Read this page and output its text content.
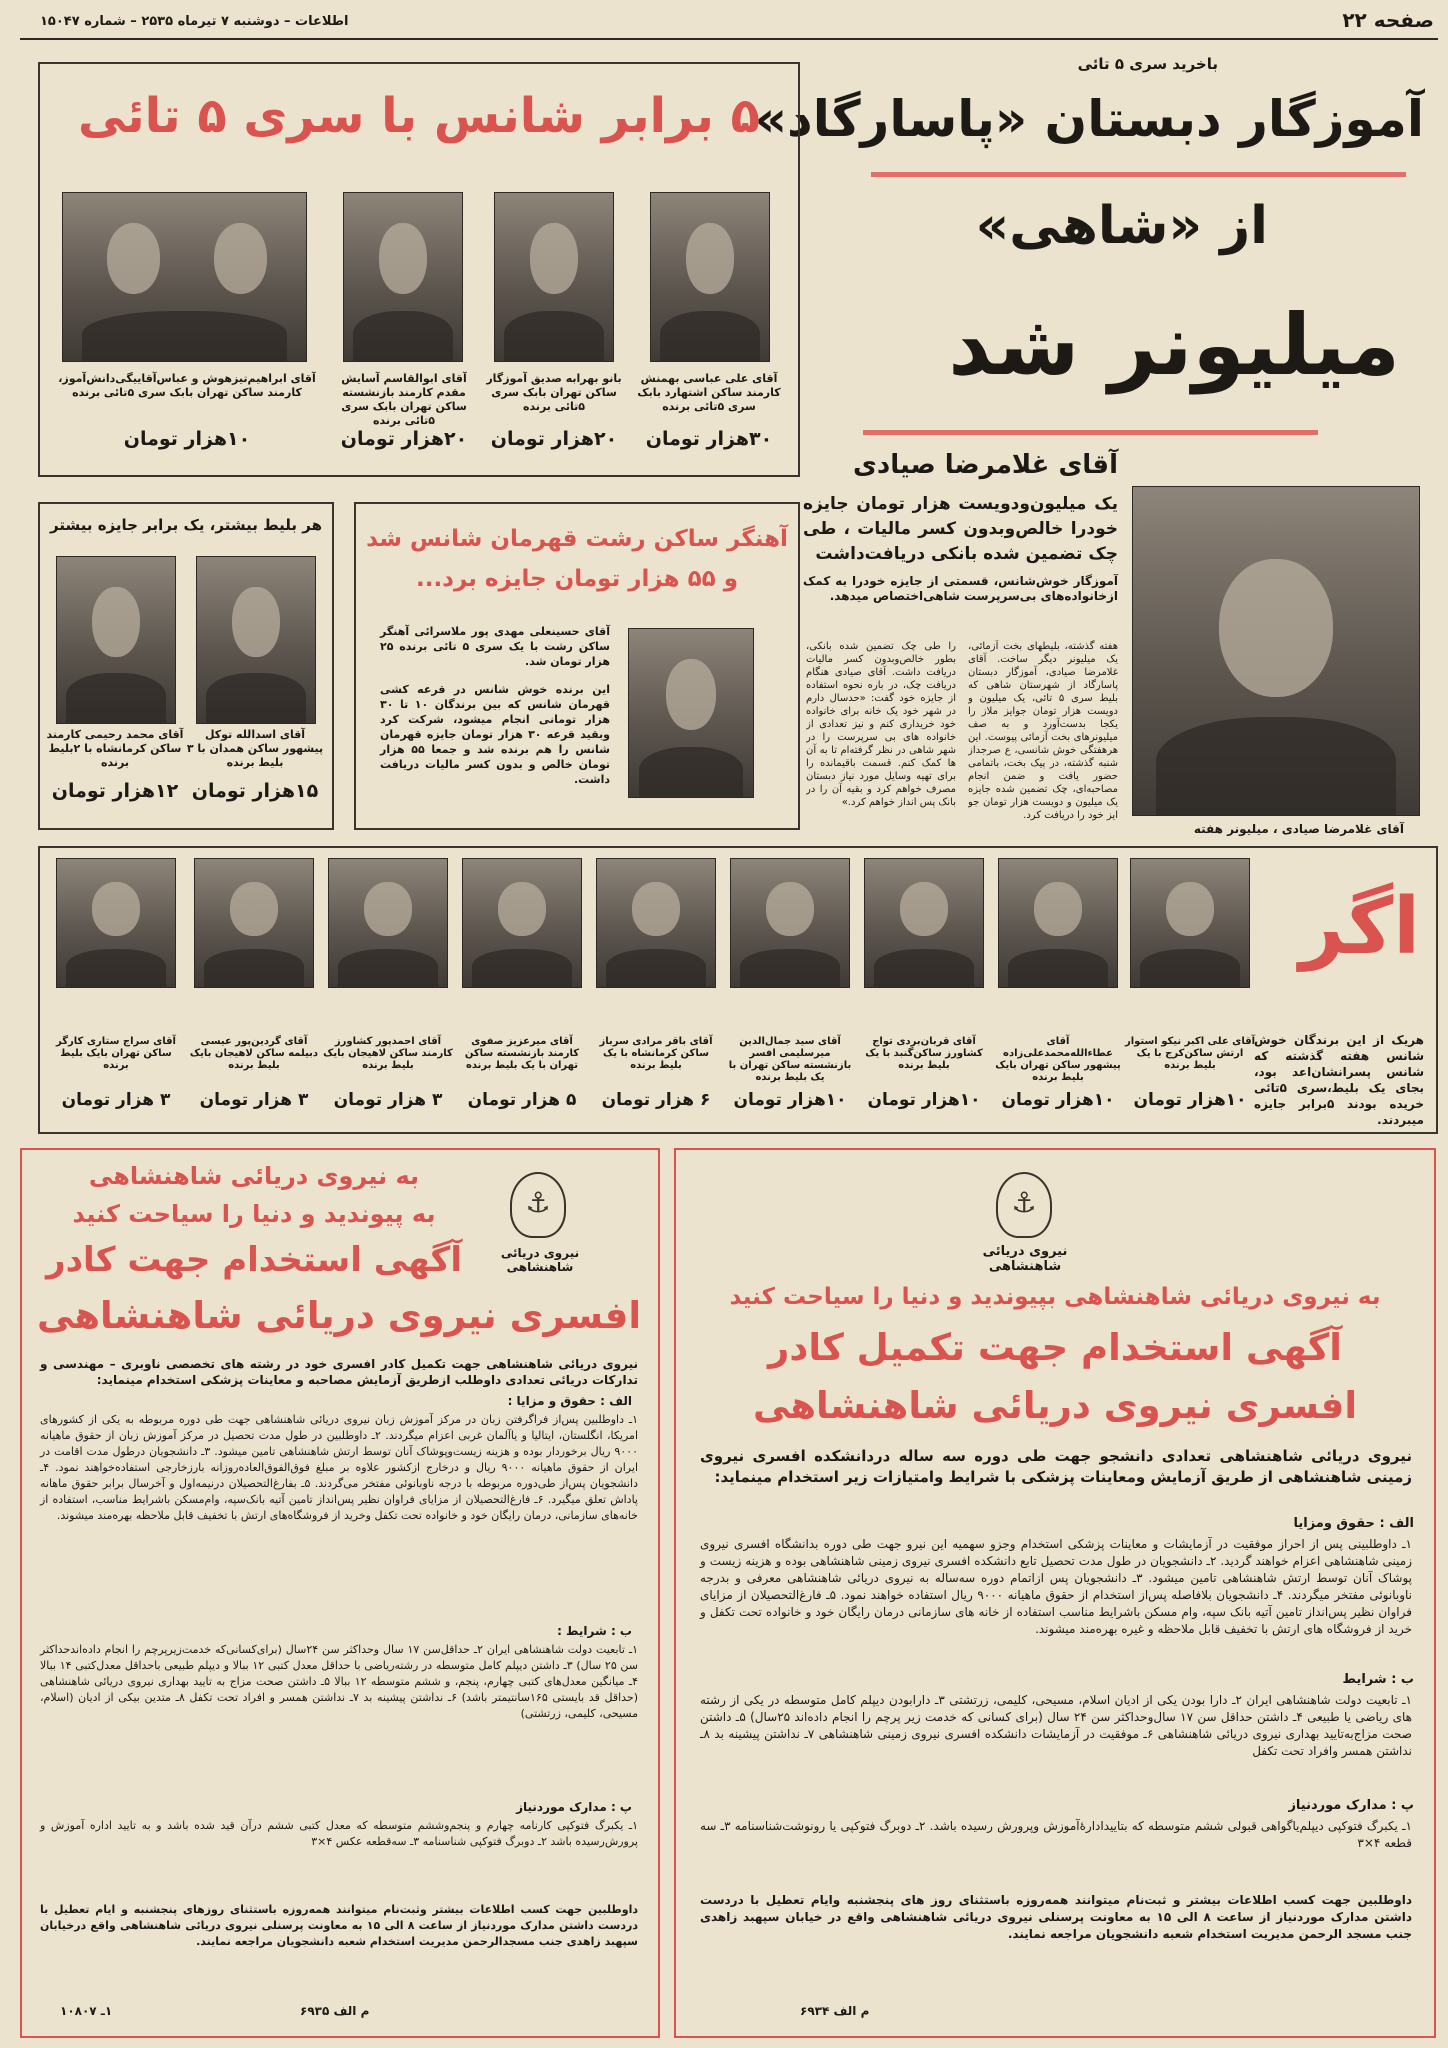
صفحه ۲۲
اطلاعات – دوشنبه ۷ تیرماه ۲۵۳۵ – شماره ۱۵۰۴۷
باخرید سری ۵ تائی
آموزگار دبستان «پاسارگاد»
از «شاهی»
میلیونر شد
آقای غلامرضا صیادی
یک میلیون‌ودویست هزار تومان جایزه خودرا خالص‌وبدون کسر مالیات ، طی چک تضمین شده بانکی دریافت‌داشت
آموزگار خوش‌شانس، قسمتی از جایزه خودرا به کمک ازخانواده‌های بی‌سرپرست شاهی‌اختصاص میدهد.
آقای غلامرضا صیادی ، میلیونر هفته
هفته گذشته، بلیطهای بخت آزمائی، یک میلیونر دیگر ساخت. آقای غلامرضا صیادی، آموزگار دبستان پاسارگاد از شهرستان شاهی که بلیط سری ۵ تائی، یک میلیون و دویست هزار تومان جوایز ملاز را یکجا بدست‌آورد و به صف میلیونرهای بخت آزمائی پیوست. این هرهفتگی خوش شانسی، ع صرجداز شنبه گذشته، در پیک بخت، باتمامی حضور یافت و ضمن انجام مصاحبه‌ای، چک تضمین شده جایزه یک میلیون و دویست هزار تومان جو ایز خود را دریافت کرد.
را طی چک تضمین شده بانکی، بطور خالص‌وبدون کسر مالیات دریافت داشت. آقای صیادی هنگام دریافت چک، در باره نحوه استفاده از جایزه خود گفت: «حدسال دارم در شهر خود یک خانه برای خانواده خود خریداری کنم و نیز تعدادی از خانواده های بی سرپرست را در شهر شاهی در نظر گرفته‌ام تا به آن ها کمک کنم. قسمت باقیمانده را برای تهیه وسایل مورد نیاز دبستان مصرف خواهم کرد و بقیه آن را در بانک پس انداز خواهم کرد.»
۵ برابر شانس با سری ۵ تائی
آقای علی عباسی بهمنش کارمند ساکن اشتهارد بابک سری ۵تائی برنده
بانو بهرابه صدیق آموزگار ساکن تهران بابک سری ۵تائی برنده
آقای ابوالقاسم آسایش مقدم کارمند بازنشسته ساکن تهران بابک سری ۵تائی برنده
آقای ابراهیم‌تیزهوش و عباس‌آقاییگی‌دانش‌آموز، کارمند ساکن تهران بابک سری ۵تائی برنده
۳۰هزار تومان
۲۰هزار تومان
۲۰هزار تومان
۱۰هزار تومان
هر بلیط بیشتر، یک برابر جایزه بیشتر
آقای اسدالله توکل پیشهور ساکن همدان با ۳ بلیط برنده
آقای محمد رحیمی کارمند ساکن کرمانشاه با ۲بلیط برنده
۱۵هزار تومان
۱۲هزار تومان
آهنگر ساکن رشت قهرمان شانس شد
و ۵۵ هزار تومان جایزه برد...
آقای حسینعلی مهدی پور ملاسرائی آهنگر ساکن رشت با یک سری ۵ تائی برنده ۲۵ هزار تومان شد.
این برنده خوش شانس در قرعه کشی قهرمان شانس که بین برندگان ۱۰ تا ۳۰ هزار تومانی انجام میشود، شرکت کرد وبقید قرعه ۳۰ هزار تومان جایزه قهرمان شانس را هم برنده شد و جمعا ۵۵ هزار تومان خالص و بدون کسر مالیات دریافت داشت.
اگر
هریک از این برندگان خوش شانس هفته گذشته که شانس پسرانشان‌اعد بود، بجای یک بلیط،سری ۵تائی خریده بودند ۵برابر جایزه میبردند.
آقای علی اکبر نیکو استوار ارتش ساکن‌کرج با یک بلیط برنده
آقای عطاءالله‌محمدعلی‌زاده پیشهور ساکن تهران بایک بلیط برنده
آقای قربان‌بردی تواج کشاورز ساکن‌گنبد با یک بلیط برنده
آقای سید جمال‌الدین میرسلیمی افسر بازنشسته ساکن تهران با یک بلیط برنده
آقای باقر مرادی سرباز ساکن کرمانشاه با یک بلیط برنده
آقای میرعزیز صفوی کارمند بازنشسته ساکن تهران با یک بلیط برنده
آقای احمدپور کشاورز کارمند ساکن لاهیجان بایک بلیط برنده
آقای گردین‌پور عیسی دبیلمه ساکن لاهیجان بایک بلیط برنده
آقای سراج ستاری کارگر ساکن تهران بایک بلیط برنده
۱۰هزار تومان
۱۰هزار تومان
۱۰هزار تومان
۱۰هزار تومان
۶ هزار تومان
۵ هزار تومان
۳ هزار تومان
۳ هزار تومان
۳ هزار تومان
⚓
نیروی دریائی شاهنشاهی
به نیروی دریائی شاهنشاهی بپیوندید و دنیا را سیاحت کنید
آگهی استخدام جهت تکمیل کادر
افسری نیروی دریائی شاهنشاهی
نیروی دریائی شاهنشاهی تعدادی دانشجو جهت طی دوره سه ساله دردانشکده افسری نیروی زمینی شاهنشاهی از طریق آزمایش ومعاینات پزشکی با شرایط وامتیازات زیر استخدام مینماید:
الف : حقوق ومزایا
۱ـ داوطلبینی پس از احراز موفقیت در آزمایشات و معاینات پزشکی استخدام وجزو سهمیه این نیرو جهت طی دوره بدانشگاه افسری نیروی زمینی شاهنشاهی اعزام خواهند گردید. ۲ـ دانشجویان در طول مدت تحصیل تابع دانشکده افسری نیروی زمینی شاهنشاهی بوده و هزینه زیست و پوشاک آنان توسط ارتش شاهنشاهی تامین میشود. ۳ـ دانشجویان پس ازاتمام دوره‌ سه‌ساله به نیروی دریائی شاهنشاهی معرفی و بدرجه ناوبانوئی مفتخر میگردند. ۴ـ دانشجویان بلافاصله پس‌از استخدام از حقوق ماهیانه ۹۰۰۰ ریال استفاده خواهند نمود. ۵ـ فارغ‌التحصیلان از مزایای فراوان نظیر پس‌انداز تامین آتیه بانک سپه، وام مسکن باشرایط مناسب استفاده از خانه های سازمانی درمان رایگان خود و خانواده تحت تکفل و خرید از فروشگاه های ارتش با تخفیف قابل ملاحظه و غیره بهره‌مند میشوند.
ب : شرایط
۱ـ تابعیت دولت شاهنشاهی ایران ۲ـ دارا بودن یکی از ادیان اسلام، مسیحی، کلیمی، زرتشتی ۳ـ دارابودن دیپلم کامل متوسطه در یکی از رشته های ریاضی یا طبیعی ۴ـ داشتن حداقل سن ۱۷ سال‌وحداکثر سن ۲۴ سال (برای کسانی که خدمت زیر پرچم را انجام داده‌اند ۲۵سال) ۵ـ داشتن صحت مزاج‌به‌تایید بهداری نیروی دریائی شاهنشاهی ۶ـ موفقیت در آزمایشات دانشکده افسری نیروی زمینی شاهنشاهی ۷ـ نداشتن پیشینه بد ۸ـ نداشتن همسر وافراد تحت تکفل
پ : مدارک موردنیاز
۱ـ یکبرگ فتوکپی دیپلم‌یاگواهی قبولی ششم متوسطه که بتاییدادارۀآموزش وپرورش رسیده باشد. ۲ـ دوبرگ فتوکپی یا رونوشت‌شناسنامه ۳ـ سه قطعه ۴×۳
داوطلبین جهت کسب اطلاعات بیشتر و ثبت‌نام میتوانند همه‌روزه باستثنای روز های پنجشنبه وایام تعطیل با دردست داشتن مدارک موردنیاز از ساعت ۸ الی ۱۵ به معاونت پرسنلی نیروی دریائی شاهنشاهی واقع در خیابان سپهبد زاهدی جنب مسجد الرحمن مدیریت استخدام شعبه دانشجویان مراجعه نمایند.
م الف ۶۹۳۴
به نیروی دریائی شاهنشاهی
به پیوندید و دنیا را سیاحت کنید
⚓
نیروی دریائی شاهنشاهی
آگهی استخدام جهت کادر
افسری نیروی دریائی شاهنشاهی
نیروی دریائی شاهنشاهی جهت تکمیل کادر افسری خود در رشته های تخصصی ناوبری – مهندسی و تدارکات دریائی تعدادی داوطلب ازطریق آزمایش مصاحبه و معاینات پزشکی استخدام مینماید:
الف : حقوق و مزایا :
۱ـ داوطلبین پس‌از فراگرفتن زبان در مرکز آموزش زبان نیروی دریائی شاهنشاهی جهت طی دوره مربوطه به یکی از کشورهای امریکا، انگلستان، ایتالیا و یاآلمان غربی اعزام میگردند. ۲ـ داوطلبین در طول مدت تحصیل در مرکز آموزش زبان از حقوق ماهیانه ۹۰۰۰ ریال برخوردار بوده و هزینه زیست‌وپوشاک آنان توسط ارتش شاهنشاهی تامین میشود. ۳ـ دانشجویان درطول مدت اقامت در ایران از حقوق ماهیانه ۹۰۰۰ ریال و درخارج ازکشور علاوه بر مبلغ فوق‌الفوق‌العاده‌روزانه بارز‌خارجی‌ استفاده‌خواهند نمود. ۴ـ دانشجویان پس‌از طی‌دوره مربوطه با درجه ناوبانوئی مفتخر می‌گردند. ۵ـ بفارغ‌التحصیلان درنیمه‌اول و آخرسال برابر حقوق ماهانه پاداش تعلق میگیرد. ۶ـ فارغ‌التحصیلان از مزایای فراوان نظیر پس‌انداز تامین آتیه بانک‌سپه، وام‌مسکن باشرایط مناسب، استفاده از خانه‌های سازمانی، درمان رایگان خود و خانواده تحت تکفل وخرید از فروشگاه‌های ارتش با تخفیف قابل ملاحظه بهره‌مند میشوند.
ب : شرایط :
۱ـ تابعیت دولت شاهنشاهی ایران ۲ـ حداقل‌سن ۱۷ سال وحداکثر سن ۲۴سال (برای‌کسانی‌که خدمت‌زیرپرچم را انجام داده‌اندحداکثر سن ۲۵ سال) ۳ـ داشتن دیپلم کامل متوسطه در رشته‌ریاضی با حداقل معدل کتبی ۱۲ ببالا و دیپلم طبیعی باحداقل معدل‌کتبی ۱۴ ببالا ۴ـ میانگین معدل‌های کتبی چهارم، پنجم، و ششم متوسطه ۱۲ ببالا ۵ـ داشتن صحت مزاج به تایید بهداری نیروی دریائی شاهنشاهی (حداقل قد بایستی ۱۶۵سانتیمتر باشد) ۶ـ نداشتن پیشینه بد ۷ـ نداشتن همسر و افراد تحت تکفل ۸ـ متدین بیکی از ادیان (اسلام، مسیحی، کلیمی، زرتشتی)
پ : مدارک موردنیاز
۱ـ یکبرگ فتوکپی کارنامه چهارم و پنجم‌وششم متوسطه که معدل کتبی ششم درآن قید شده باشد و به تایید اداره آموزش و پرورش‌رسیده باشد ۲ـ دوبرگ فتوکپی شناسنامه ۳ـ سه‌قطعه عکس ۴×۳
داوطلبین جهت کسب اطلاعات بیشتر وثبت‌نام میتوانند همه‌روزه باستثنای روزهای پنجشنبه و ایام تعطیل با دردست داشتن مدارک موردنیاز از ساعت ۸ الی ۱۵ به معاونت پرسنلی نیروی دریائی شاهنشاهی واقع درخیابان سپهبد زاهدی جنب مسجدالرحمن مدیریت استخدام شعبه دانشجویان مراجعه نمایند.
م الف ۶۹۳۵
۱ـ ۱۰۸۰۷
